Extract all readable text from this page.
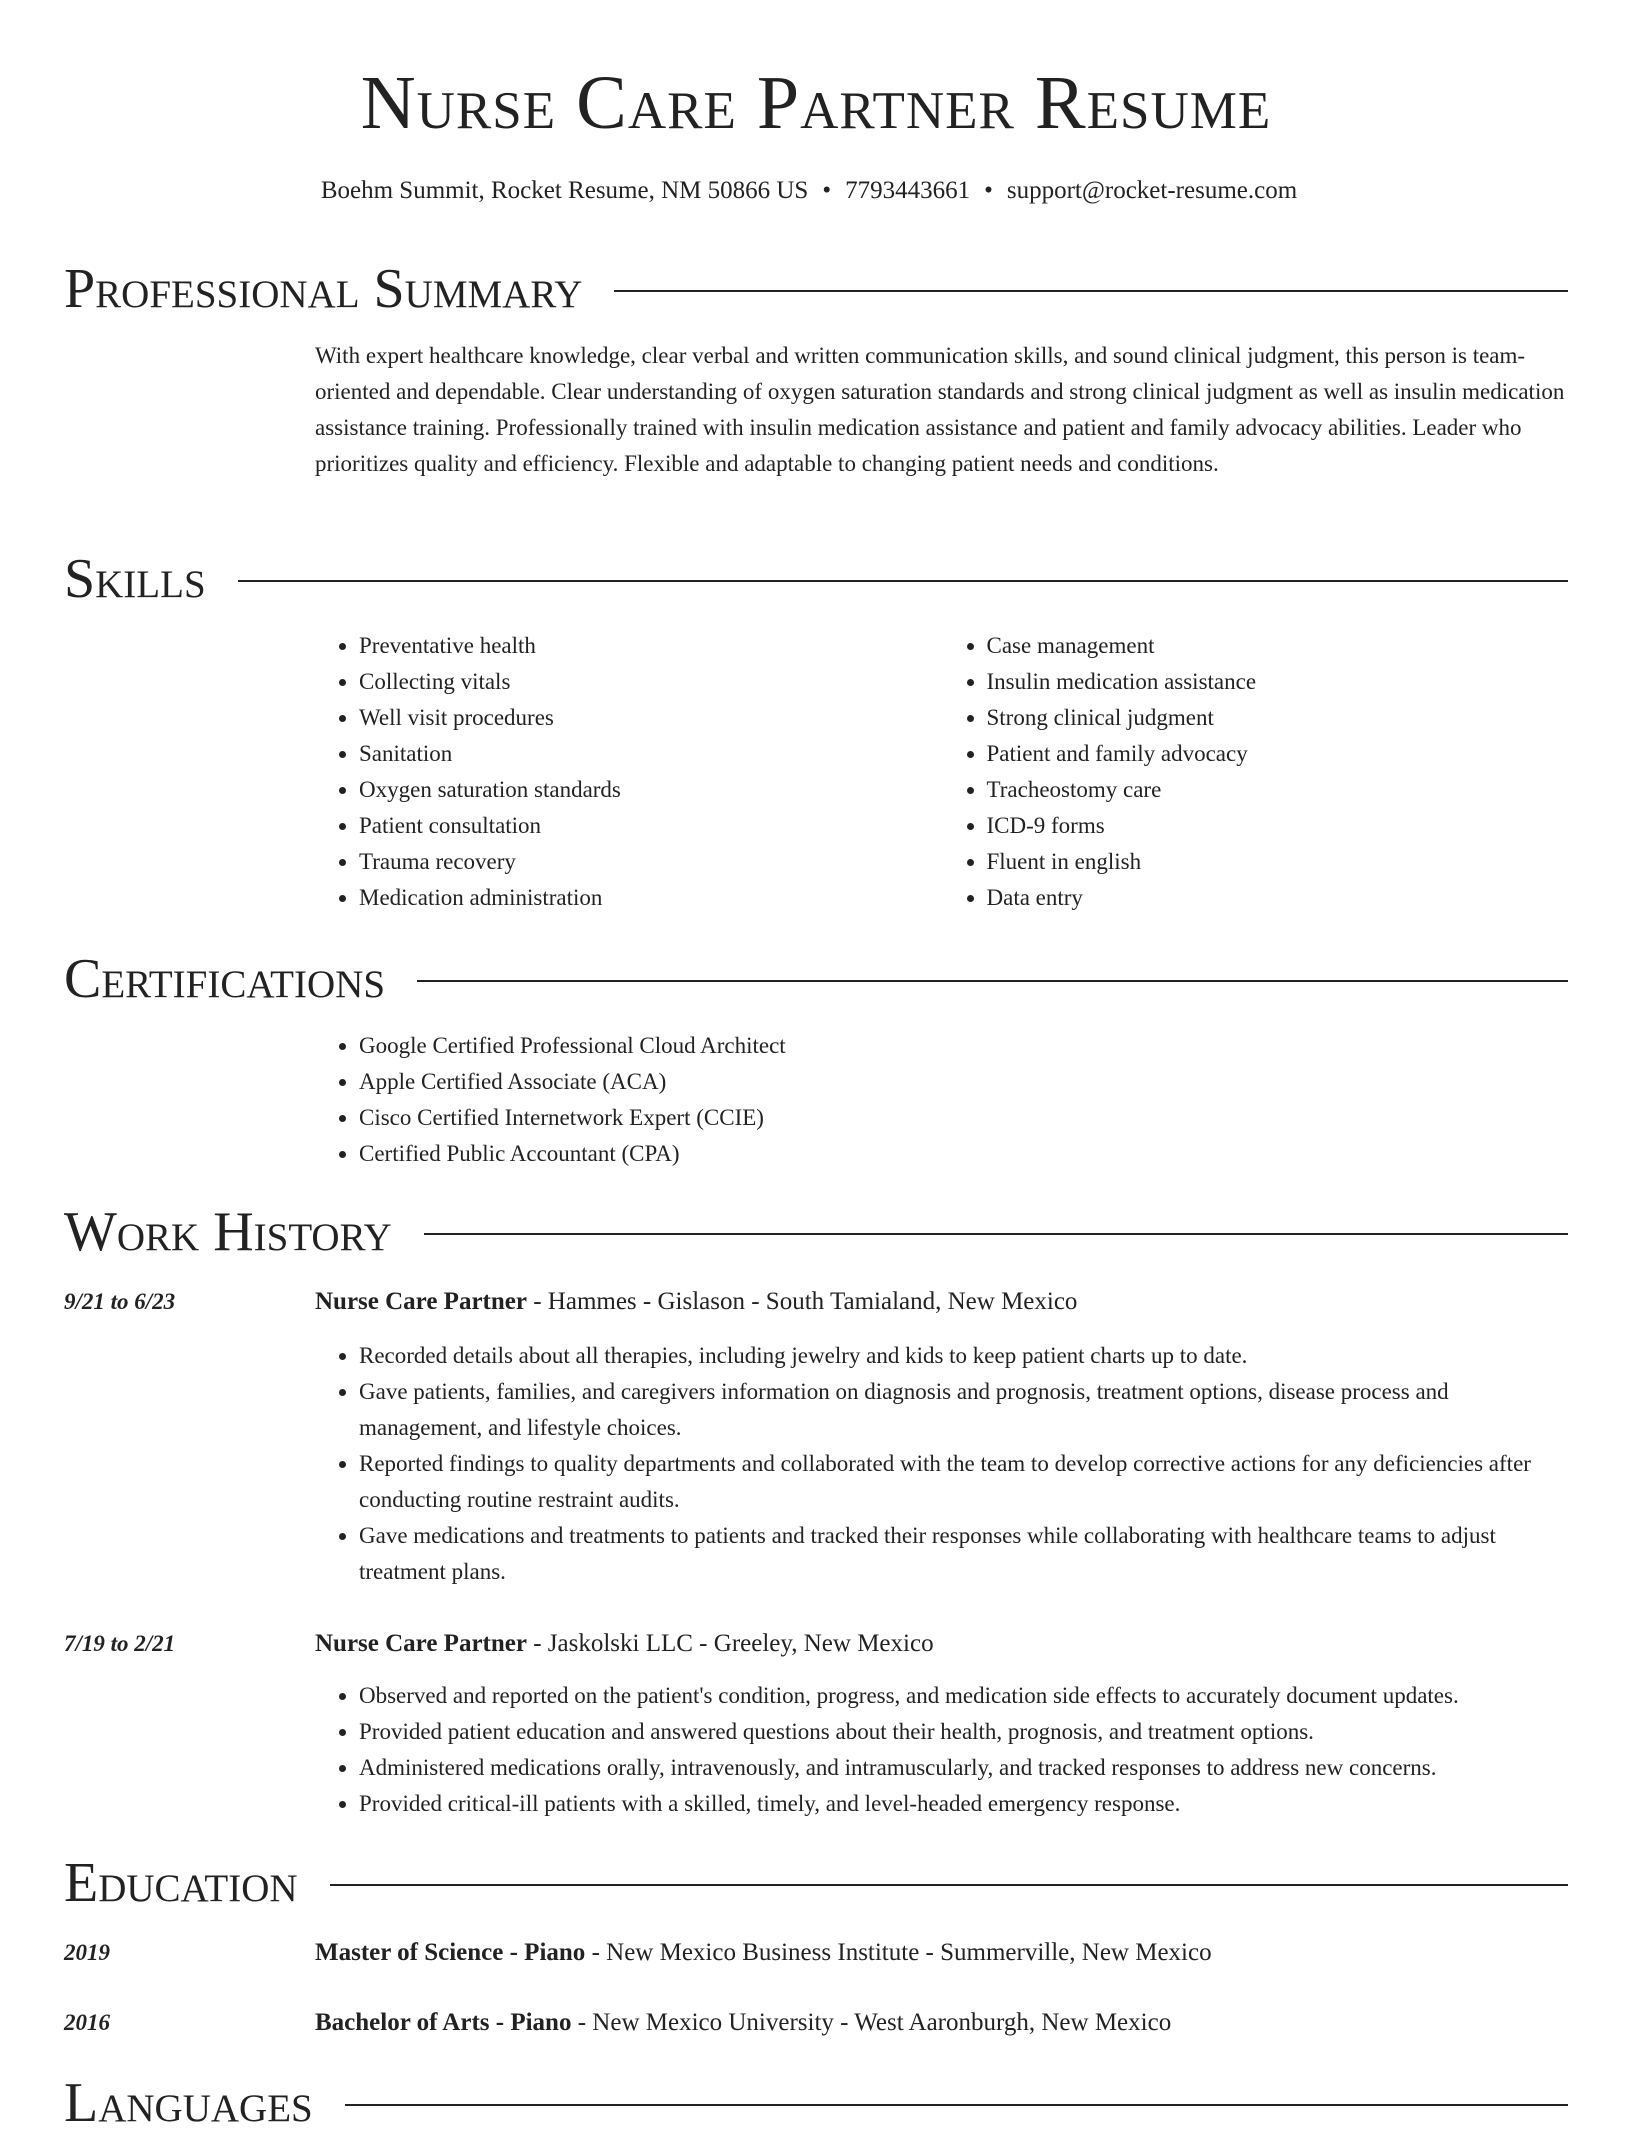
Nurse Care Partner Resume
Boehm Summit, Rocket Resume, NM 50866 US • 7793443661 • support@rocket-resume.com
Professional Summary

With expert healthcare knowledge, clear verbal and written communication skills, and sound clinical judgment, this person is team-oriented and dependable. Clear understanding of oxygen saturation standards and strong clinical judgment as well as insulin medication assistance training. Professionally trained with insulin medication assistance and patient and family advocacy abilities. Leader who prioritizes quality and efficiency. Flexible and adaptable to changing patient needs and conditions.

Skills
• Preventative health
• Collecting vitals
• Well visit procedures
• Sanitation
• Oxygen saturation standards
• Patient consultation
• Trauma recovery
• Medication administration
• Case management
• Insulin medication assistance
• Strong clinical judgment
• Patient and family advocacy
• Tracheostomy care
• ICD-9 forms
• Fluent in english
• Data entry
Certifications
• Google Certified Professional Cloud Architect
• Apple Certified Associate (ACA)
• Cisco Certified Internetwork Expert (CCIE)
• Certified Public Accountant (CPA)
Work History
9/21 to 6/23	Nurse Care Partner - Hammes - Gislason - South Tamialand, New Mexico
• Recorded details about all therapies, including jewelry and kids to keep patient charts up to date.
• Gave patients, families, and caregivers information on diagnosis and prognosis, treatment options, disease process and management, and lifestyle choices.
• Reported findings to quality departments and collaborated with the team to develop corrective actions for any deficiencies after conducting routine restraint audits.
• Gave medications and treatments to patients and tracked their responses while collaborating with healthcare teams to adjust treatment plans.
7/19 to 2/21	Nurse Care Partner - Jaskolski LLC - Greeley, New Mexico
• Observed and reported on the patient's condition, progress, and medication side effects to accurately document updates.
• Provided patient education and answered questions about their health, prognosis, and treatment options.
• Administered medications orally, intravenously, and intramuscularly, and tracked responses to address new concerns.
• Provided critical-ill patients with a skilled, timely, and level-headed emergency response.
Education
2019	Master of Science - Piano - New Mexico Business Institute - Summerville, New Mexico
2016	Bachelor of Arts - Piano - New Mexico University - West Aaronburgh, New Mexico
Languages
